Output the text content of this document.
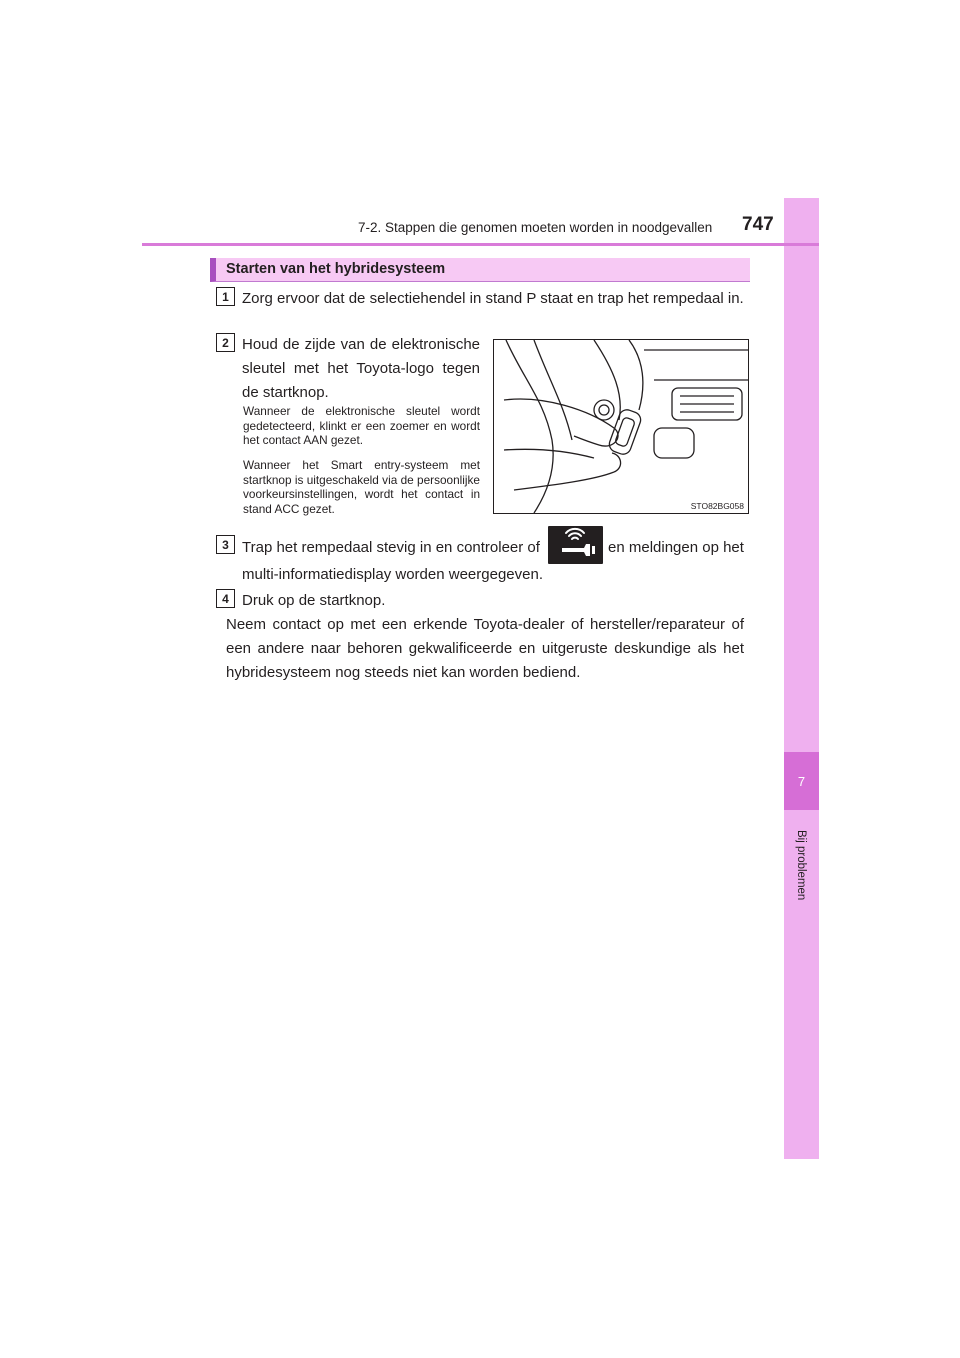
7
Bij problemen
7-2. Stappen die genomen moeten worden in noodgevallen 747
Starten van het hybridesysteem
1 Zorg ervoor dat de selectiehendel in stand P staat en trap het rempedaal in.
2 Houd de zijde van de elektronische sleutel met het Toyota-logo tegen de startknop.
Wanneer de elektronische sleutel wordt gedetecteerd, klinkt er een zoemer en wordt het contact AAN gezet.
Wanneer het Smart entry-systeem met startknop is uitgeschakeld via de persoonlijke voorkeursinstellingen, wordt het contact in stand ACC gezet.	STO82BG058
3 Trap het rempedaal stevig in en controleer of	en meldingen op het
multi-informatiedisplay worden weergegeven.
4 Druk op de startknop.
Neem contact op met een erkende Toyota-dealer of hersteller/reparateur of een andere naar behoren gekwalificeerde en uitgeruste deskundige als het hybridesysteem nog steeds niet kan worden bediend.
